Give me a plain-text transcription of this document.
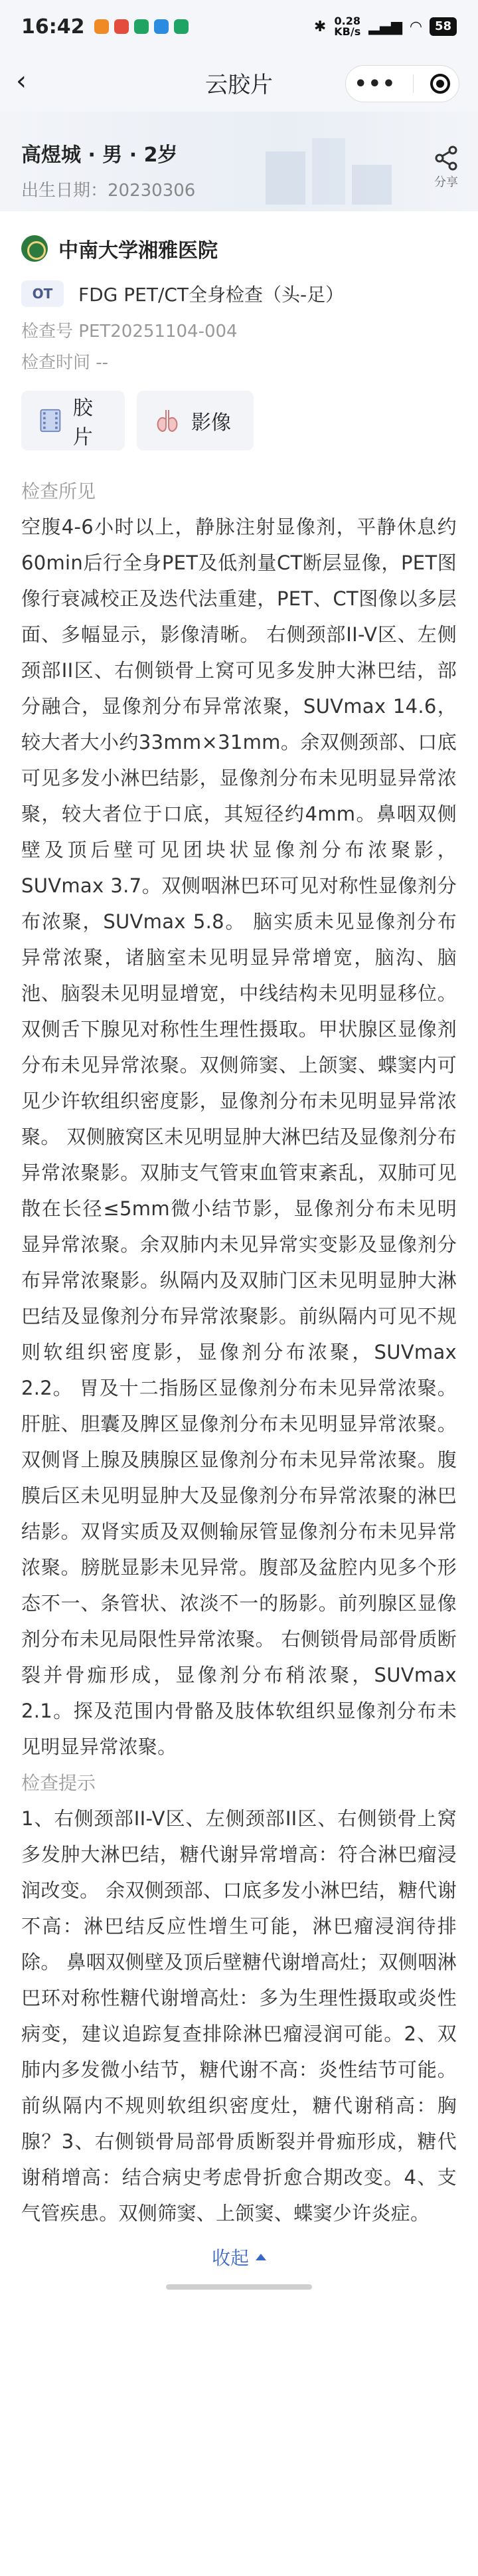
16:42	✱ 0.28
KB/s ▂▄▆ ◠	58
‹	云胶片	•••
高煜城 · 男 · 2岁
出生日期：20230306	分享
中南大学湘雅医院
OT	FDG PET/CT全身检查（头-足）
检查号 PET20251104-004
检查时间 --
胶片
影像
检查所见
空腹4-6小时以上，静脉注射显像剂，平静休息约60min后行全身PET及低剂量CT断层显像，PET图像行衰减校正及迭代法重建，PET、CT图像以多层面、多幅显示，影像清晰。 右侧颈部II-V区、左侧颈部II区、右侧锁骨上窝可见多发肿大淋巴结，部分融合，显像剂分布异常浓聚，SUVmax 14.6，较大者大小约33mm×31mm。余双侧颈部、口底可见多发小淋巴结影，显像剂分布未见明显异常浓聚，较大者位于口底，其短径约4mm。鼻咽双侧壁及顶后壁可见团块状显像剂分布浓聚影，SUVmax 3.7。双侧咽淋巴环可见对称性显像剂分布浓聚，SUVmax 5.8。 脑实质未见显像剂分布异常浓聚，诸脑室未见明显异常增宽，脑沟、脑池、脑裂未见明显增宽，中线结构未见明显移位。双侧舌下腺见对称性生理性摄取。甲状腺区显像剂分布未见异常浓聚。双侧筛窦、上颌窦、蝶窦内可见少许软组织密度影，显像剂分布未见明显异常浓聚。 双侧腋窝区未见明显肿大淋巴结及显像剂分布异常浓聚影。双肺支气管束血管束紊乱，双肺可见散在长径≤5mm微小结节影，显像剂分布未见明显异常浓聚。余双肺内未见异常实变影及显像剂分布异常浓聚影。纵隔内及双肺门区未见明显肿大淋巴结及显像剂分布异常浓聚影。前纵隔内可见不规则软组织密度影，显像剂分布浓聚，SUVmax 2.2。 胃及十二指肠区显像剂分布未见异常浓聚。肝脏、胆囊及脾区显像剂分布未见明显异常浓聚。双侧肾上腺及胰腺区显像剂分布未见异常浓聚。腹膜后区未见明显肿大及显像剂分布异常浓聚的淋巴结影。双肾实质及双侧输尿管显像剂分布未见异常浓聚。膀胱显影未见异常。腹部及盆腔内见多个形态不一、条管状、浓淡不一的肠影。前列腺区显像剂分布未见局限性异常浓聚。 右侧锁骨局部骨质断裂并骨痂形成，显像剂分布稍浓聚，SUVmax 2.1。探及范围内骨骼及肢体软组织显像剂分布未见明显异常浓聚。
检查提示
1、右侧颈部II-V区、左侧颈部II区、右侧锁骨上窝多发肿大淋巴结，糖代谢异常增高：符合淋巴瘤浸润改变。 余双侧颈部、口底多发小淋巴结，糖代谢不高：淋巴结反应性增生可能，淋巴瘤浸润待排除。 鼻咽双侧壁及顶后壁糖代谢增高灶；双侧咽淋巴环对称性糖代谢增高灶：多为生理性摄取或炎性病变，建议追踪复查排除淋巴瘤浸润可能。2、双肺内多发微小结节，糖代谢不高：炎性结节可能。 前纵隔内不规则软组织密度灶，糖代谢稍高：胸腺？3、右侧锁骨局部骨质断裂并骨痂形成，糖代谢稍增高：结合病史考虑骨折愈合期改变。4、支气管疾患。双侧筛窦、上颌窦、蝶窦少许炎症。
收起
